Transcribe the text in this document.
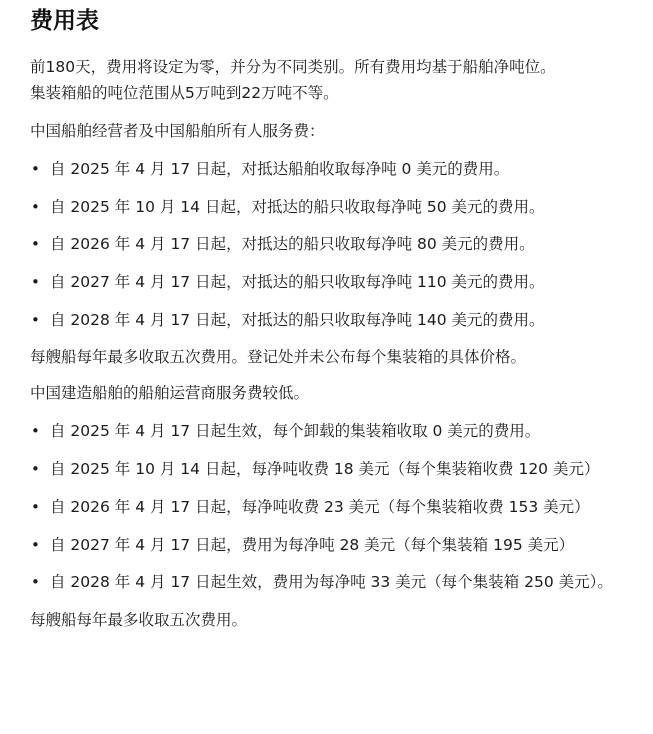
费用表

前180天，费用将设定为零，并分为不同类别。所有费用均基于船舶净吨位。
集装箱船的吨位范围从5万吨到22万吨不等。

中国船舶经营者及中国船舶所有人服务费：

• 自 2025 年 4 月 17 日起，对抵达船舶收取每净吨 0 美元的费用。
• 自 2025 年 10 月 14 日起，对抵达的船只收取每净吨 50 美元的费用。
• 自 2026 年 4 月 17 日起，对抵达的船只收取每净吨 80 美元的费用。
• 自 2027 年 4 月 17 日起，对抵达的船只收取每净吨 110 美元的费用。
• 自 2028 年 4 月 17 日起，对抵达的船只收取每净吨 140 美元的费用。

每艘船每年最多收取五次费用。登记处并未公布每个集装箱的具体价格。

中国建造船舶的船舶运营商服务费较低。

• 自 2025 年 4 月 17 日起生效，每个卸载的集装箱收取 0 美元的费用。
• 自 2025 年 10 月 14 日起，每净吨收费 18 美元（每个集装箱收费 120 美元）
• 自 2026 年 4 月 17 日起，每净吨收费 23 美元（每个集装箱收费 153 美元）
• 自 2027 年 4 月 17 日起，费用为每净吨 28 美元（每个集装箱 195 美元）
• 自 2028 年 4 月 17 日起生效，费用为每净吨 33 美元（每个集装箱 250 美元）。

每艘船每年最多收取五次费用。
